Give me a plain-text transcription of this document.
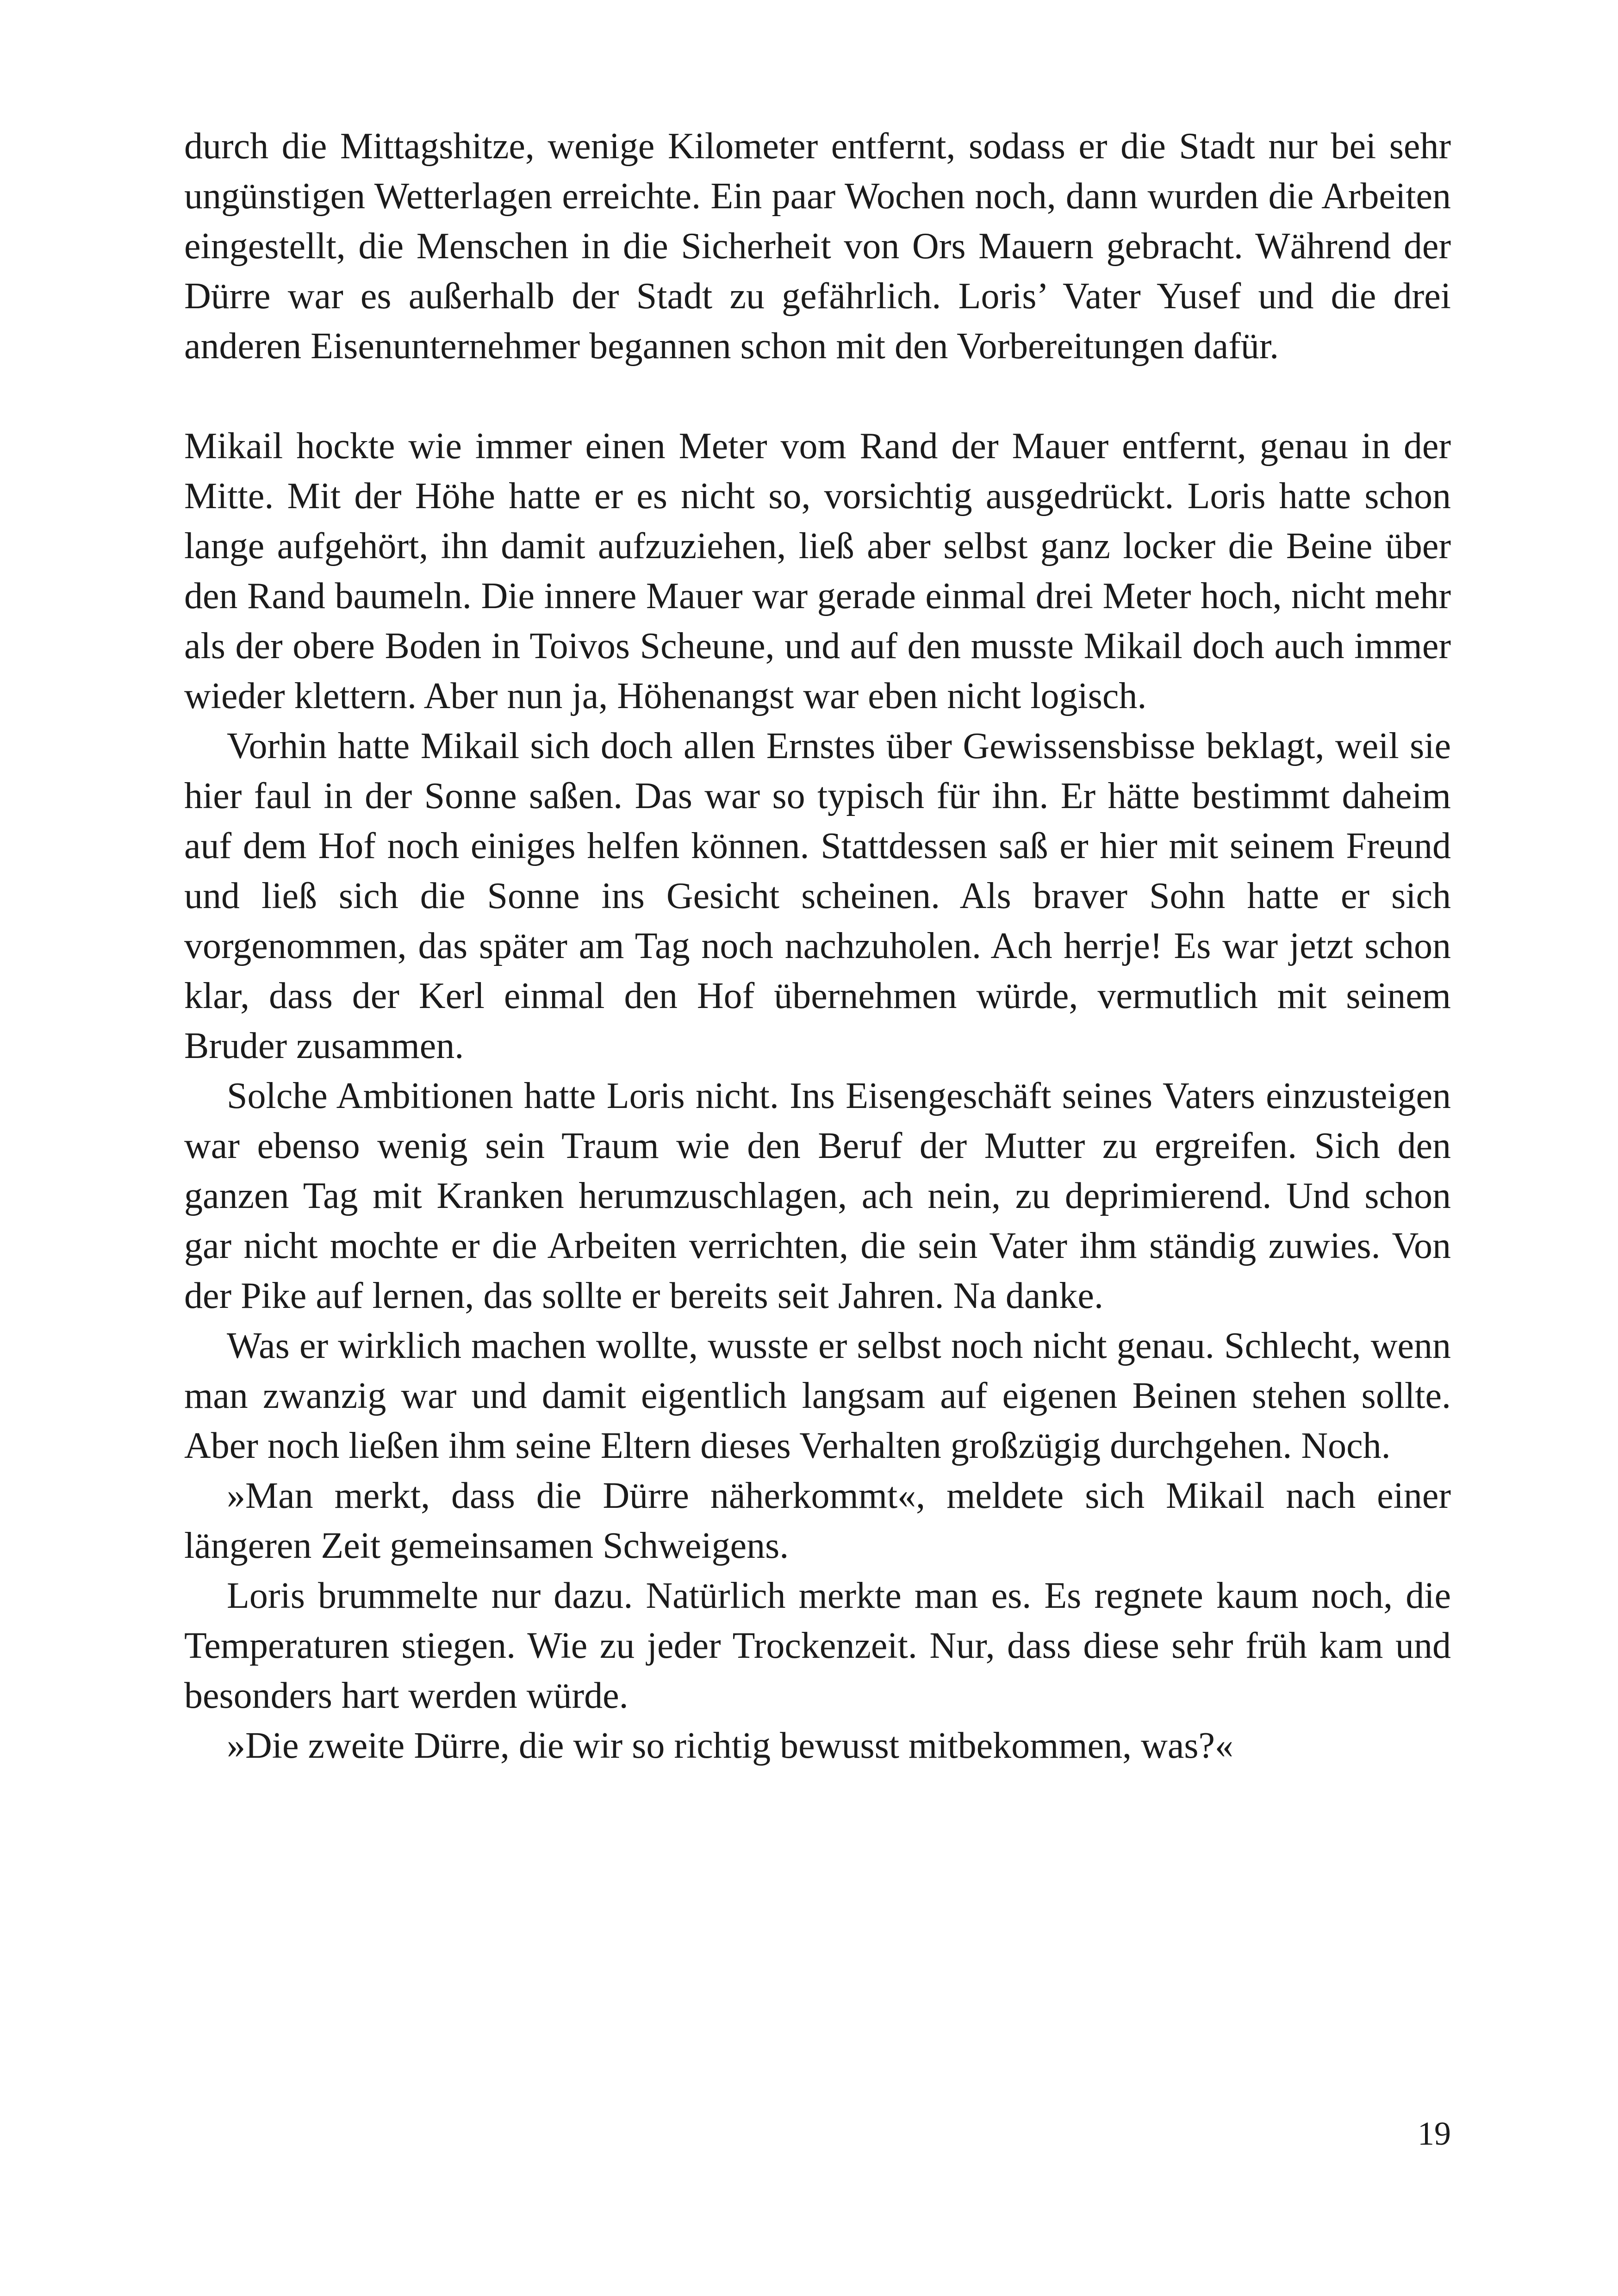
durch die Mittagshitze, wenige Kilometer entfernt, sodass er die Stadt nur bei sehr ungünstigen Wetterlagen erreichte. Ein paar Wochen noch, dann wurden die Arbeiten eingestellt, die Menschen in die Sicherheit von Ors Mauern gebracht. Während der Dürre war es außerhalb der Stadt zu gefährlich. Loris’ Vater Yusef und die drei anderen Eisenunternehmer begannen schon mit den Vorbereitungen dafür.

Mikail hockte wie immer einen Meter vom Rand der Mauer entfernt, genau in der Mitte. Mit der Höhe hatte er es nicht so, vorsichtig ausgedrückt. Loris hatte schon lange aufgehört, ihn damit aufzuziehen, ließ aber selbst ganz locker die Beine über den Rand baumeln. Die innere Mauer war gerade einmal drei Meter hoch, nicht mehr als der obere Boden in Toivos Scheune, und auf den musste Mikail doch auch immer wieder klettern. Aber nun ja, Höhenangst war eben nicht logisch.

Vorhin hatte Mikail sich doch allen Ernstes über Gewissensbisse beklagt, weil sie hier faul in der Sonne saßen. Das war so typisch für ihn. Er hätte bestimmt daheim auf dem Hof noch einiges helfen können. Stattdessen saß er hier mit seinem Freund und ließ sich die Sonne ins Gesicht scheinen. Als braver Sohn hatte er sich vorgenommen, das später am Tag noch nachzuholen. Ach herrje! Es war jetzt schon klar, dass der Kerl einmal den Hof übernehmen würde, vermutlich mit seinem Bruder zusammen.

Solche Ambitionen hatte Loris nicht. Ins Eisengeschäft seines Vaters einzusteigen war ebenso wenig sein Traum wie den Beruf der Mutter zu ergreifen. Sich den ganzen Tag mit Kranken herumzuschlagen, ach nein, zu deprimierend. Und schon gar nicht mochte er die Arbeiten verrichten, die sein Vater ihm ständig zuwies. Von der Pike auf lernen, das sollte er bereits seit Jahren. Na danke.

Was er wirklich machen wollte, wusste er selbst noch nicht genau. Schlecht, wenn man zwanzig war und damit eigentlich langsam auf eigenen Beinen stehen sollte. Aber noch ließen ihm seine Eltern dieses Verhalten großzügig durchgehen. Noch.

»Man merkt, dass die Dürre näherkommt«, meldete sich Mikail nach einer längeren Zeit gemeinsamen Schweigens.

Loris brummelte nur dazu. Natürlich merkte man es. Es regnete kaum noch, die Temperaturen stiegen. Wie zu jeder Trockenzeit. Nur, dass diese sehr früh kam und besonders hart werden würde.

»Die zweite Dürre, die wir so richtig bewusst mitbekommen, was?«

19
